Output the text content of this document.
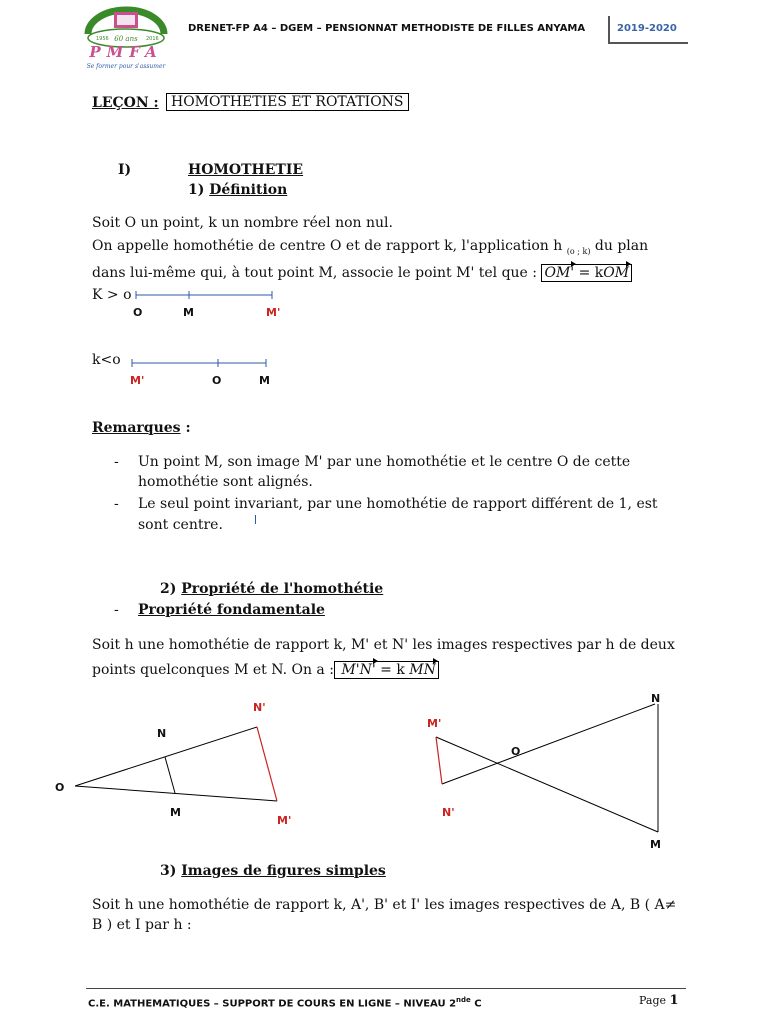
60 ans
1956	2016
PMFA
Se former pour s'assumer
DRENET-FP A4 – DGEM – PENSIONNAT METHODISTE DE FILLES ANYAMA	2019-2020
LEÇON : HOMOTHETIES ET ROTATIONS
I)	HOMOTHETIE
1) Définition
Soit O un point, k un nombre réel non nul.
On appelle homothétie de centre O et de rapport k, l'application h $_{(o ; k)}$ du plan
dans lui-même qui, à tout point M, associe le point M' tel que : OM' = kOM
K > o
O	M	M'
k<o
M'	O	M
Remarques :
- Un point M, son image M' par une homothétie et le centre O de cette
homothétie sont alignés.
- Le seul point invariant, par une homothétie de rapport différent de 1, est
sont centre.
2) Propriété de l'homothétie
- Propriété fondamentale
Soit h une homothétie de rapport k, M' et N' les images respectives par h de deux
points quelconques M et N. On a : M'N' = k MN
O
N
M
N'
M'
M'
N'
O
N
M
3) Images de figures simples
Soit h une homothétie de rapport k, A', B' et I' les images respectives de A, B ( A≠
B ) et I par h :
C.E. MATHEMATIQUES – SUPPORT DE COURS EN LIGNE – NIVEAU 2nde C	Page 1
